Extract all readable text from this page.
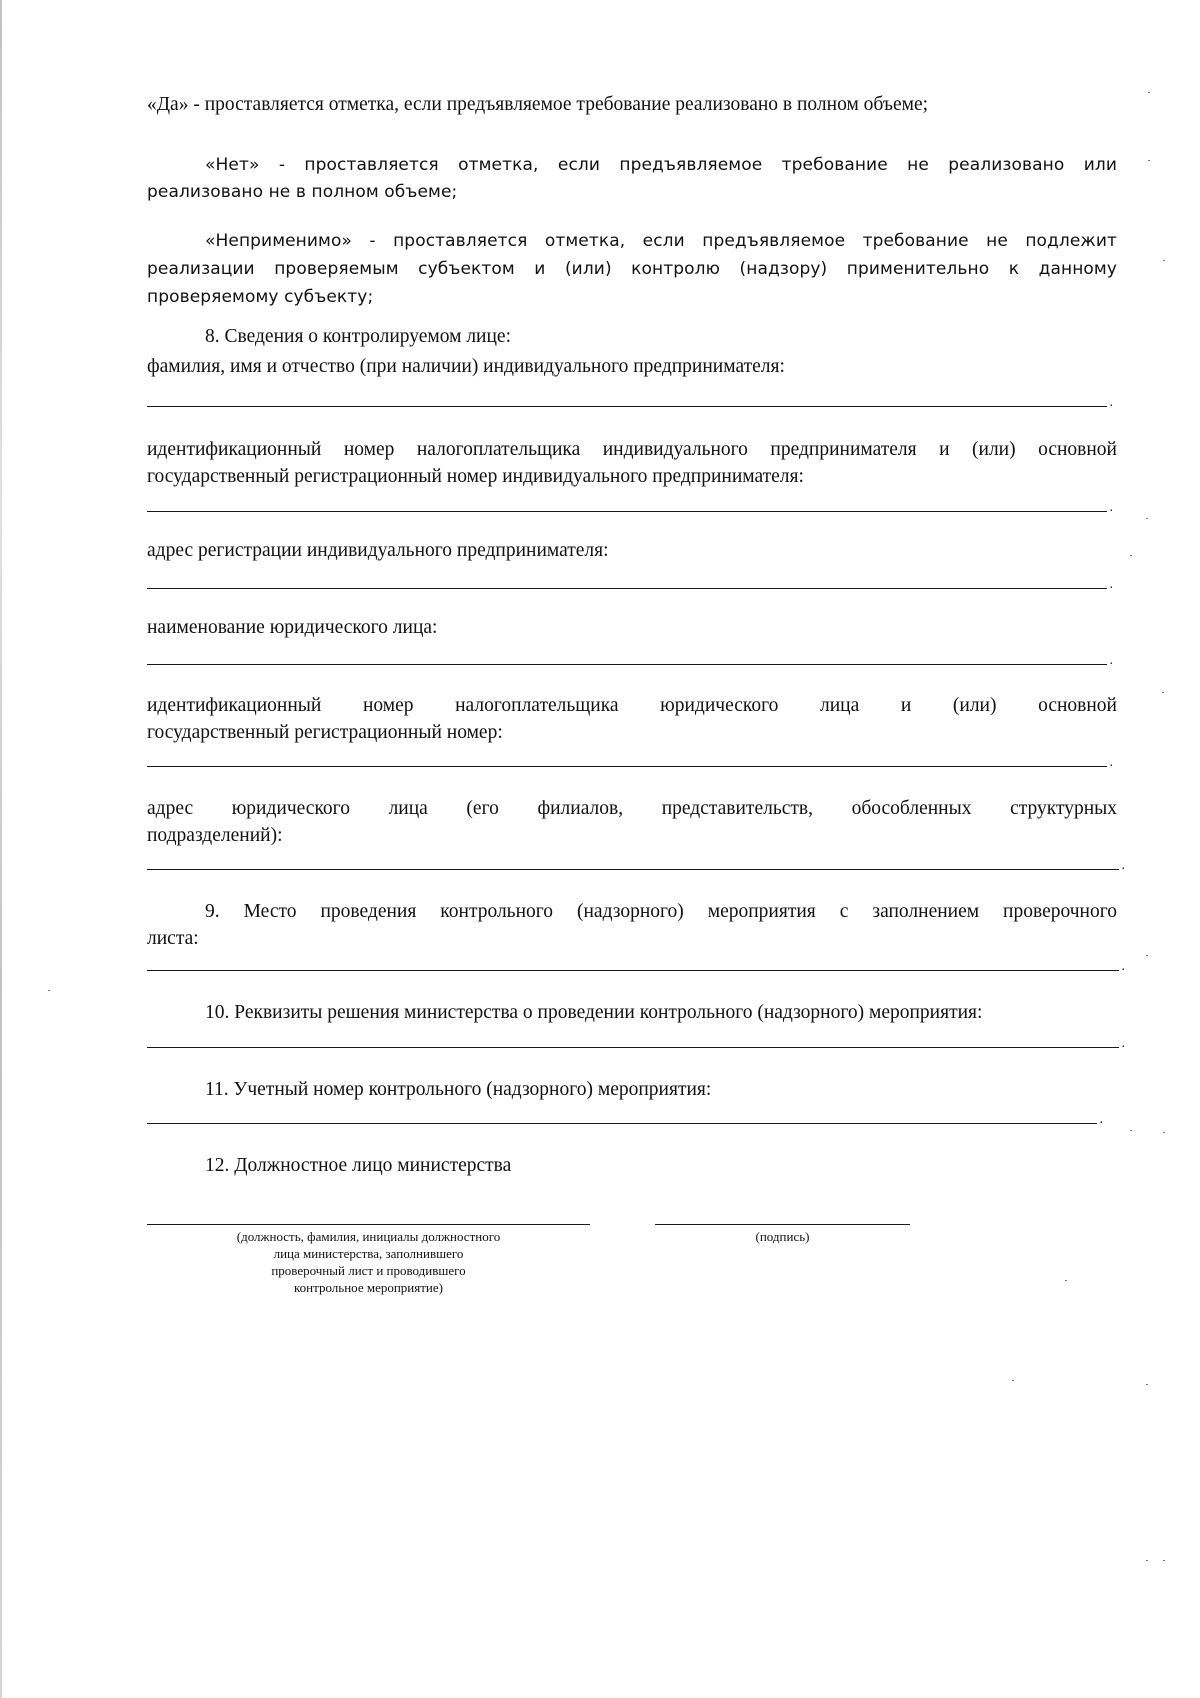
«Да» - проставляется отметка, если предъявляемое требование реализовано в полном объеме;
«Нет» - проставляется отметка, если предъявляемое требование не реализовано или
реализовано не в полном объеме;
«Неприменимо» - проставляется отметка, если предъявляемое требование не подлежит
реализации проверяемым субъектом и (или) контролю (надзору) применительно к данному
проверяемому субъекту;
8. Сведения о контролируемом лице:
фамилия, имя и отчество (при наличии) индивидуального предпринимателя:
.
идентификационный номер налогоплательщика индивидуального предпринимателя и (или) основной
государственный регистрационный номер индивидуального предпринимателя:
.
адрес регистрации индивидуального предпринимателя:
.
наименование юридического лица:
.
идентификационный номер налогоплательщика юридического лица и (или) основной
государственный регистрационный номер:
.
адрес юридического лица (его филиалов, представительств, обособленных структурных
подразделений):
.
9. Место проведения контрольного (надзорного) мероприятия с заполнением проверочного
листа:
.
10. Реквизиты решения министерства о проведении контрольного (надзорного) мероприятия:
.
11. Учетный номер контрольного (надзорного) мероприятия:
.
12. Должностное лицо министерства
(должность, фамилия, инициалы должностного
лица министерства, заполнившего
проверочный лист и проводившего
контрольное мероприятие)
(подпись)
